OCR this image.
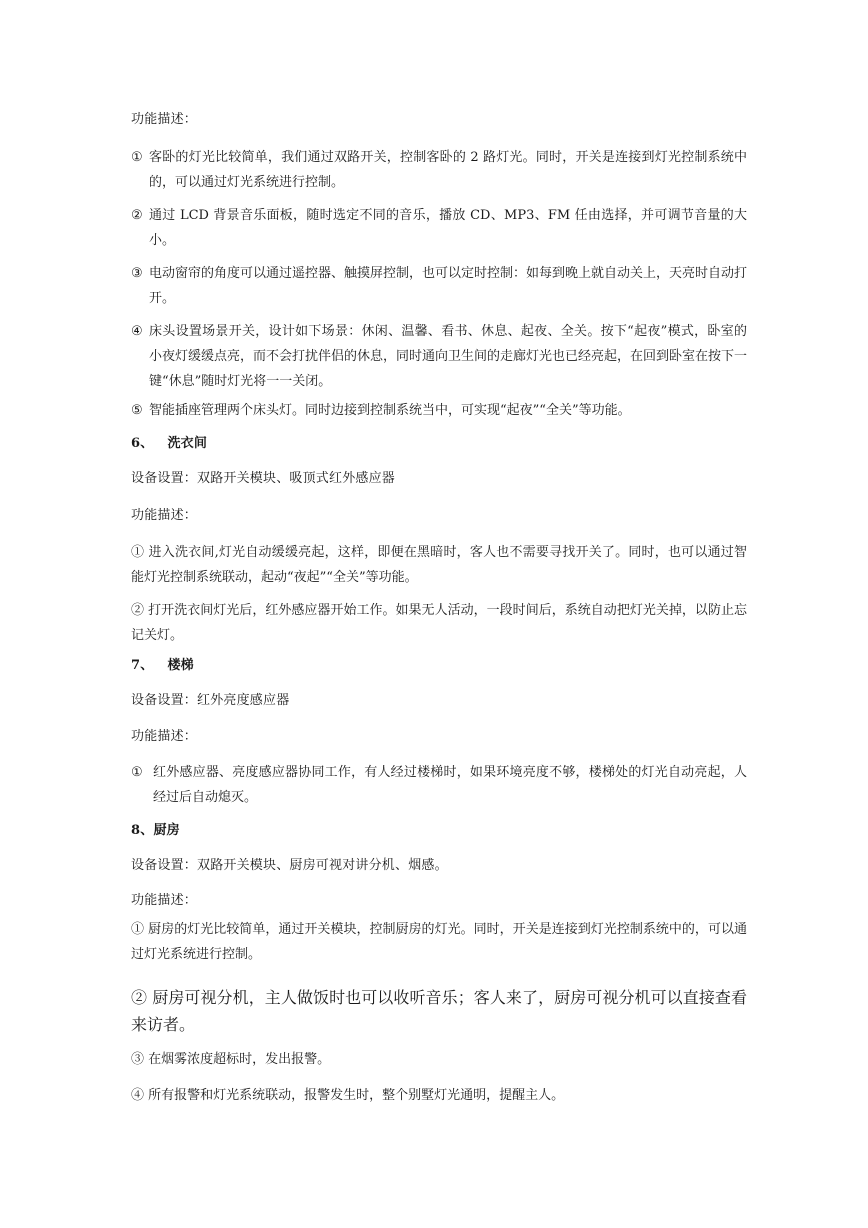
功能描述：

① 客卧的灯光比较简单，我们通过双路开关，控制客卧的 2 路灯光。同时，开关是连接到灯光控制系统中的，可以通过灯光系统进行控制。
② 通过 LCD 背景音乐面板，随时选定不同的音乐，播放 CD、MP3、FM 任由选择，并可调节音量的大小。
③ 电动窗帘的角度可以通过遥控器、触摸屏控制，也可以定时控制：如每到晚上就自动关上，天亮时自动打开。
④ 床头设置场景开关，设计如下场景：休闲、温馨、看书、休息、起夜、全关。按下“起夜”模式，卧室的小夜灯缓缓点亮，而不会打扰伴侣的休息，同时通向卫生间的走廊灯光也已经亮起，在回到卧室在按下一键“休息”随时灯光将一一关闭。
⑤ 智能插座管理两个床头灯。同时边接到控制系统当中，可实现“起夜”“全关”等功能。

6、 洗衣间

设备设置：双路开关模块、吸顶式红外感应器

功能描述：

① 进入洗衣间,灯光自动缓缓亮起，这样，即便在黑暗时，客人也不需要寻找开关了。同时，也可以通过智能灯光控制系统联动，起动“夜起”“全关”等功能。

② 打开洗衣间灯光后，红外感应器开始工作。如果无人活动，一段时间后，系统自动把灯光关掉，以防止忘记关灯。

7、 楼梯

设备设置：红外亮度感应器

功能描述：

① 红外感应器、亮度感应器协同工作，有人经过楼梯时，如果环境亮度不够，楼梯处的灯光自动亮起，人经过后自动熄灭。

8、厨房

设备设置：双路开关模块、厨房可视对讲分机、烟感。

功能描述：

① 厨房的灯光比较简单，通过开关模块，控制厨房的灯光。同时，开关是连接到灯光控制系统中的，可以通过灯光系统进行控制。

② 厨房可视分机，主人做饭时也可以收听音乐；客人来了，厨房可视分机可以直接查看来访者。

③ 在烟雾浓度超标时，发出报警。

④ 所有报警和灯光系统联动，报警发生时，整个别墅灯光通明，提醒主人。
